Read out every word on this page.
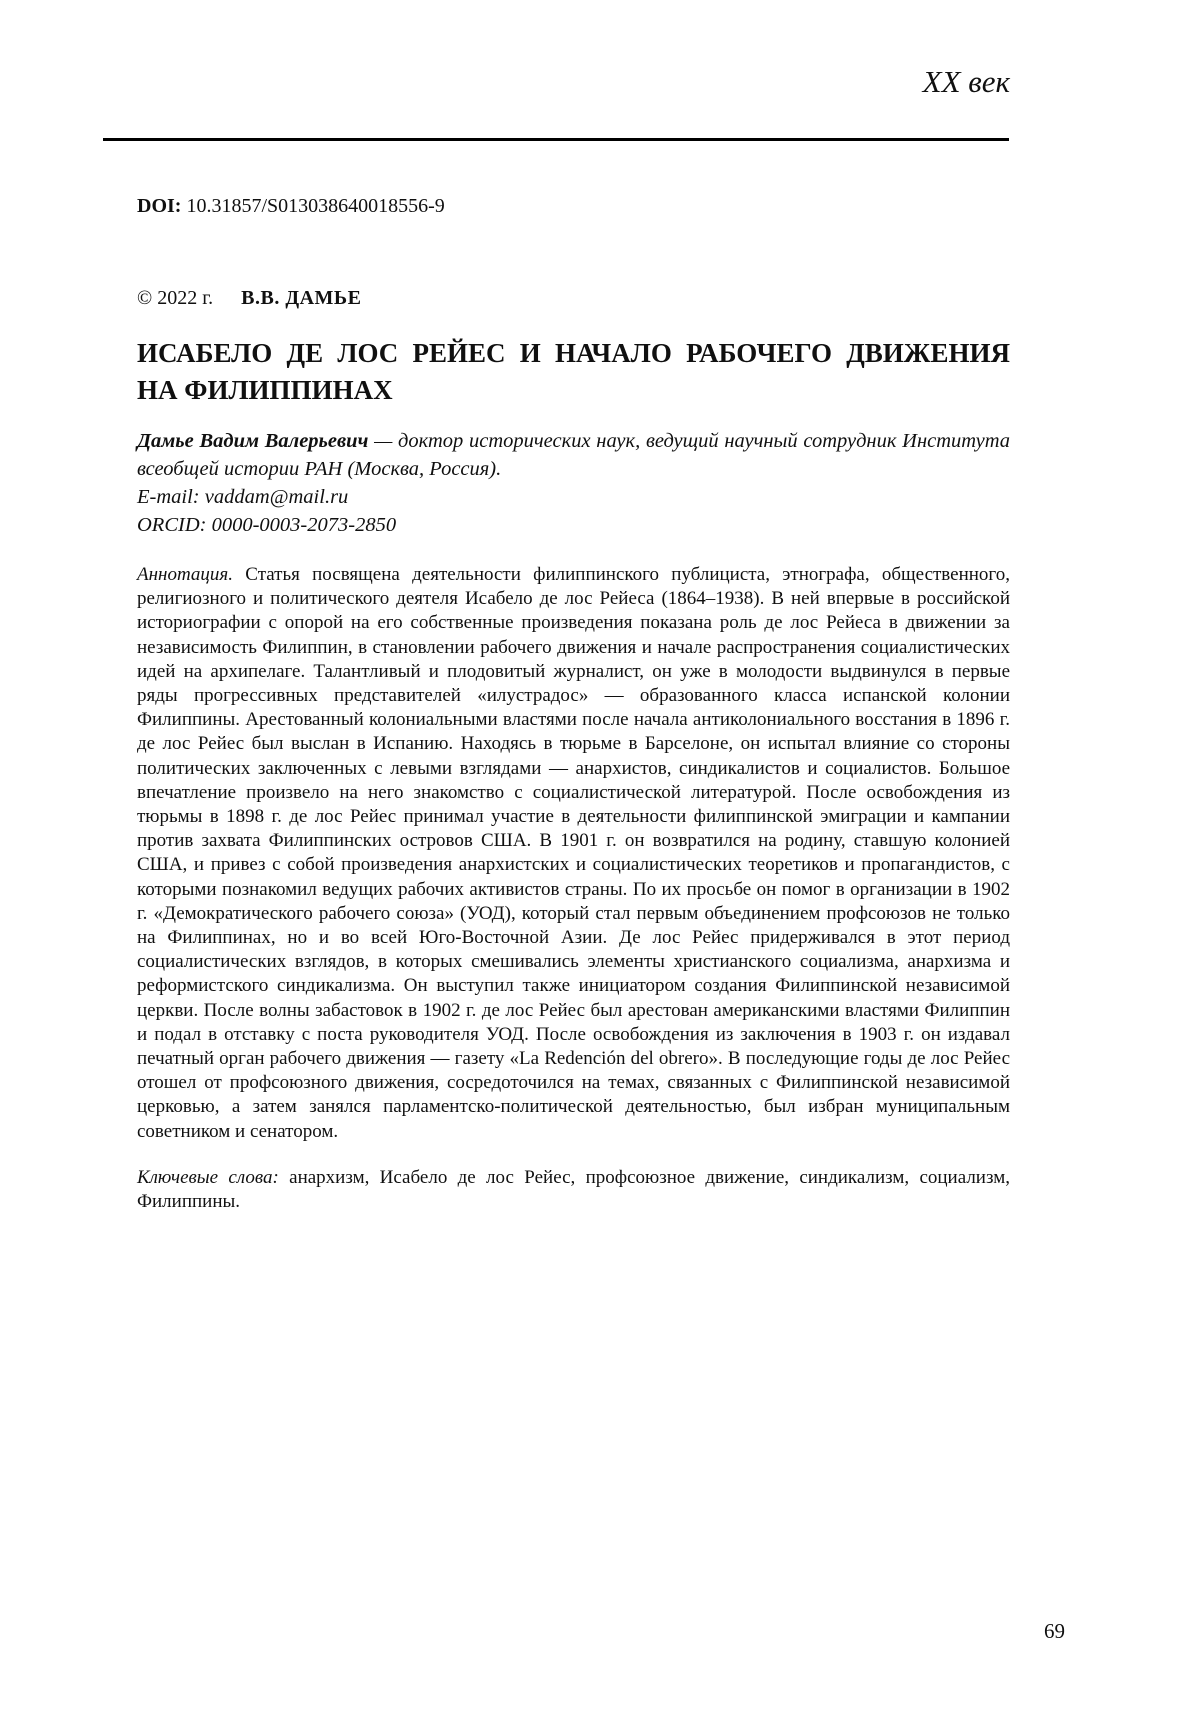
XX век

DOI: 10.31857/S013038640018556-9

© 2022 г. В.В. ДАМЬЕ

ИСАБЕЛО ДЕ ЛОС РЕЙЕС И НАЧАЛО РАБОЧЕГО ДВИЖЕНИЯ
НА ФИЛИППИНАХ

Дамье Вадим Валерьевич — доктор исторических наук, ведущий научный сотрудник Института всеобщей истории РАН (Москва, Россия).

E-mail: vaddam@mail.ru

ORCID: 0000-0003-2073-2850

Аннотация. Статья посвящена деятельности филиппинского публициста, этнографа, общественного, религиозного и политического деятеля Исабело де лос Рейеса (1864–1938). В ней впервые в российской историографии с опорой на его собственные произведения показана роль де лос Рейеса в движении за независимость Филиппин, в становлении рабочего движения и начале распространения социалистических идей на архипелаге. Талантливый и плодовитый журналист, он уже в молодости выдвинулся в первые ряды прогрессивных представителей «илустрадос» — образованного класса испанской колонии Филиппины. Арестованный колониальными властями после начала антиколониального восстания в 1896 г. де лос Рейес был выслан в Испанию. Находясь в тюрьме в Барселоне, он испытал влияние со стороны политических заключенных с левыми взглядами — анархистов, синдикалистов и социалистов. Большое впечатление произвело на него знакомство с социалистической литературой. После освобождения из тюрьмы в 1898 г. де лос Рейес принимал участие в деятельности филиппинской эмиграции и кампании против захвата Филиппинских островов США. В 1901 г. он возвратился на родину, ставшую колонией США, и привез с собой произведения анархистских и социалистических теоретиков и пропагандистов, с которыми познакомил ведущих рабочих активистов страны. По их просьбе он помог в организации в 1902 г. «Демократического рабочего союза» (УОД), который стал первым объединением профсоюзов не только на Филиппинах, но и во всей Юго-Восточной Азии. Де лос Рейес придерживался в этот период социалистических взглядов, в которых смешивались элементы христианского социализма, анархизма и реформистского синдикализма. Он выступил также инициатором создания Филиппинской независимой церкви. После волны забастовок в 1902 г. де лос Рейес был арестован американскими властями Филиппин и подал в отставку с поста руководителя УОД. После освобождения из заключения в 1903 г. он издавал печатный орган рабочего движения — газету «La Redención del obrero». В последующие годы де лос Рейес отошел от профсоюзного движения, сосредоточился на темах, связанных с Филиппинской независимой церковью, а затем занялся парламентско-политической деятельностью, был избран муниципальным советником и сенатором.

Ключевые слова: анархизм, Исабело де лос Рейес, профсоюзное движение, синдикализм, социализм, Филиппины.

69
